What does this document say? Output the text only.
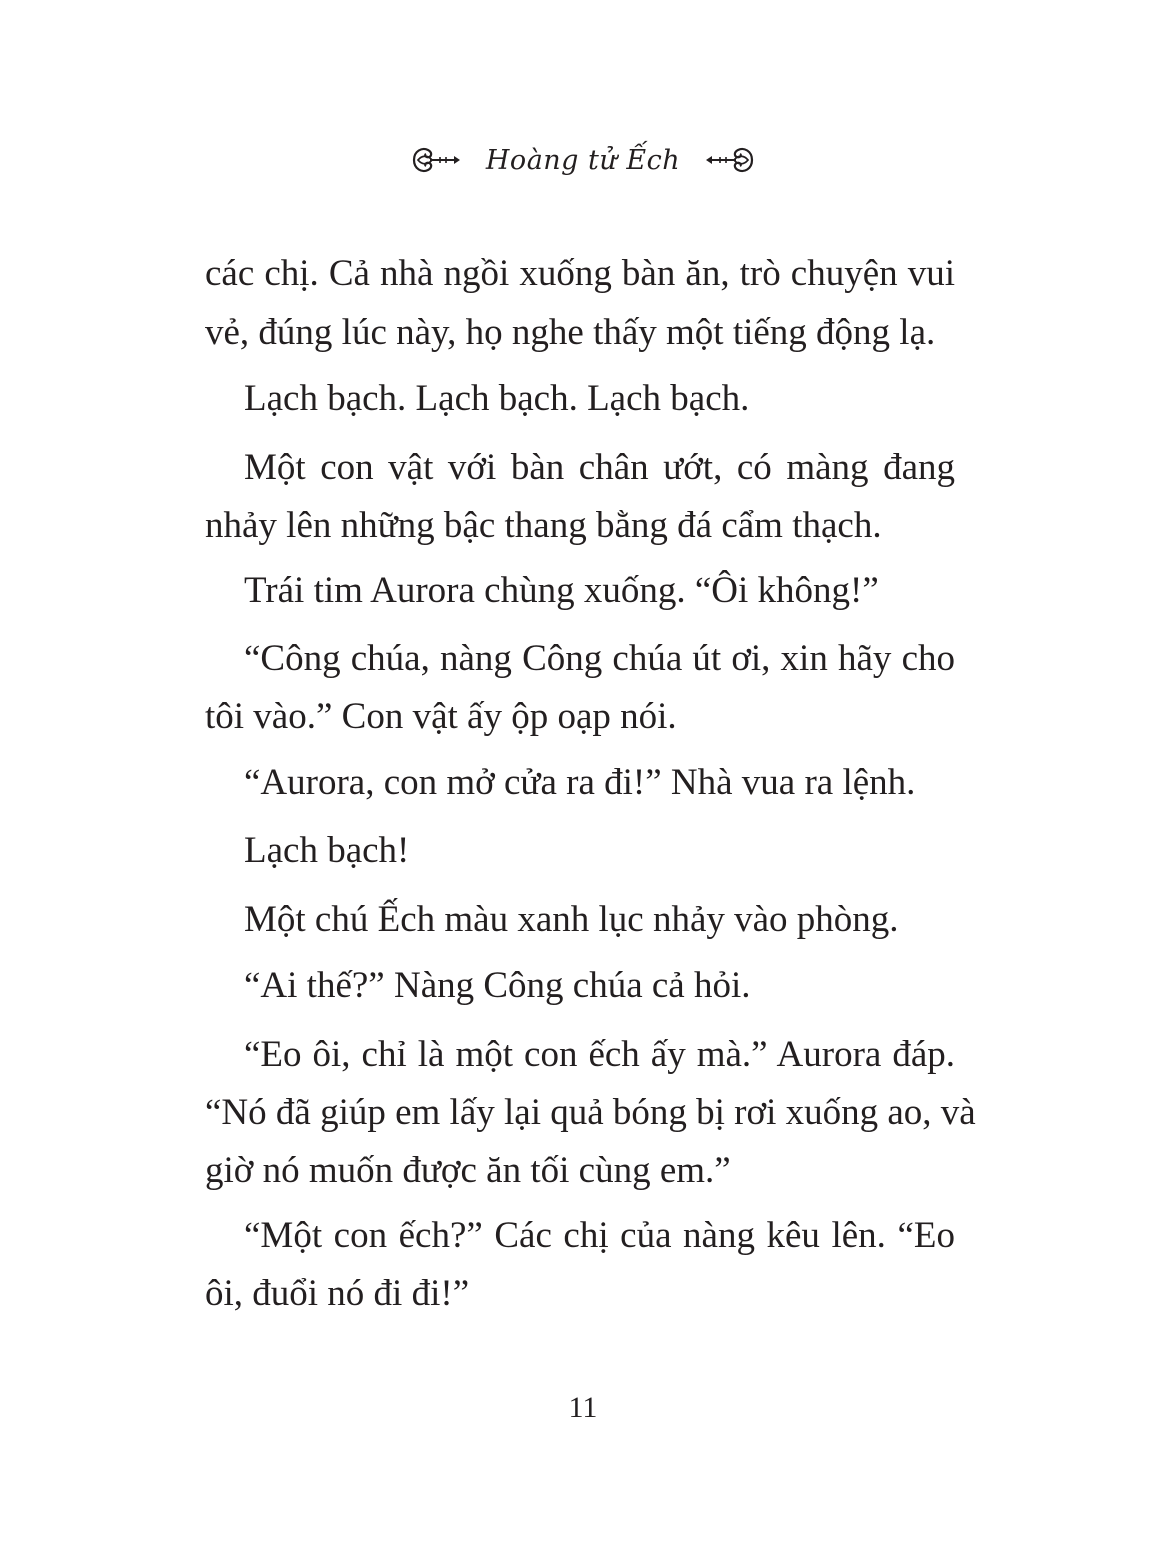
Hoàng tử Ếch
các chị. Cả nhà ngồi xuống bàn ăn, trò chuyện vui
vẻ, đúng lúc này, họ nghe thấy một tiếng động lạ.
Lạch bạch. Lạch bạch. Lạch bạch.
Một con vật với bàn chân ướt, có màng đang
nhảy lên những bậc thang bằng đá cẩm thạch.
Trái tim Aurora chùng xuống. “Ôi không!”
“Công chúa, nàng Công chúa út ơi, xin hãy cho
tôi vào.” Con vật ấy ộp oạp nói.
“Aurora, con mở cửa ra đi!” Nhà vua ra lệnh.
Lạch bạch!
Một chú Ếch màu xanh lục nhảy vào phòng.
“Ai thế?” Nàng Công chúa cả hỏi.
“Eo ôi, chỉ là một con ếch ấy mà.” Aurora đáp.
“Nó đã giúp em lấy lại quả bóng bị rơi xuống ao, và
giờ nó muốn được ăn tối cùng em.”
“Một con ếch?” Các chị của nàng kêu lên. “Eo
ôi, đuổi nó đi đi!”
11
